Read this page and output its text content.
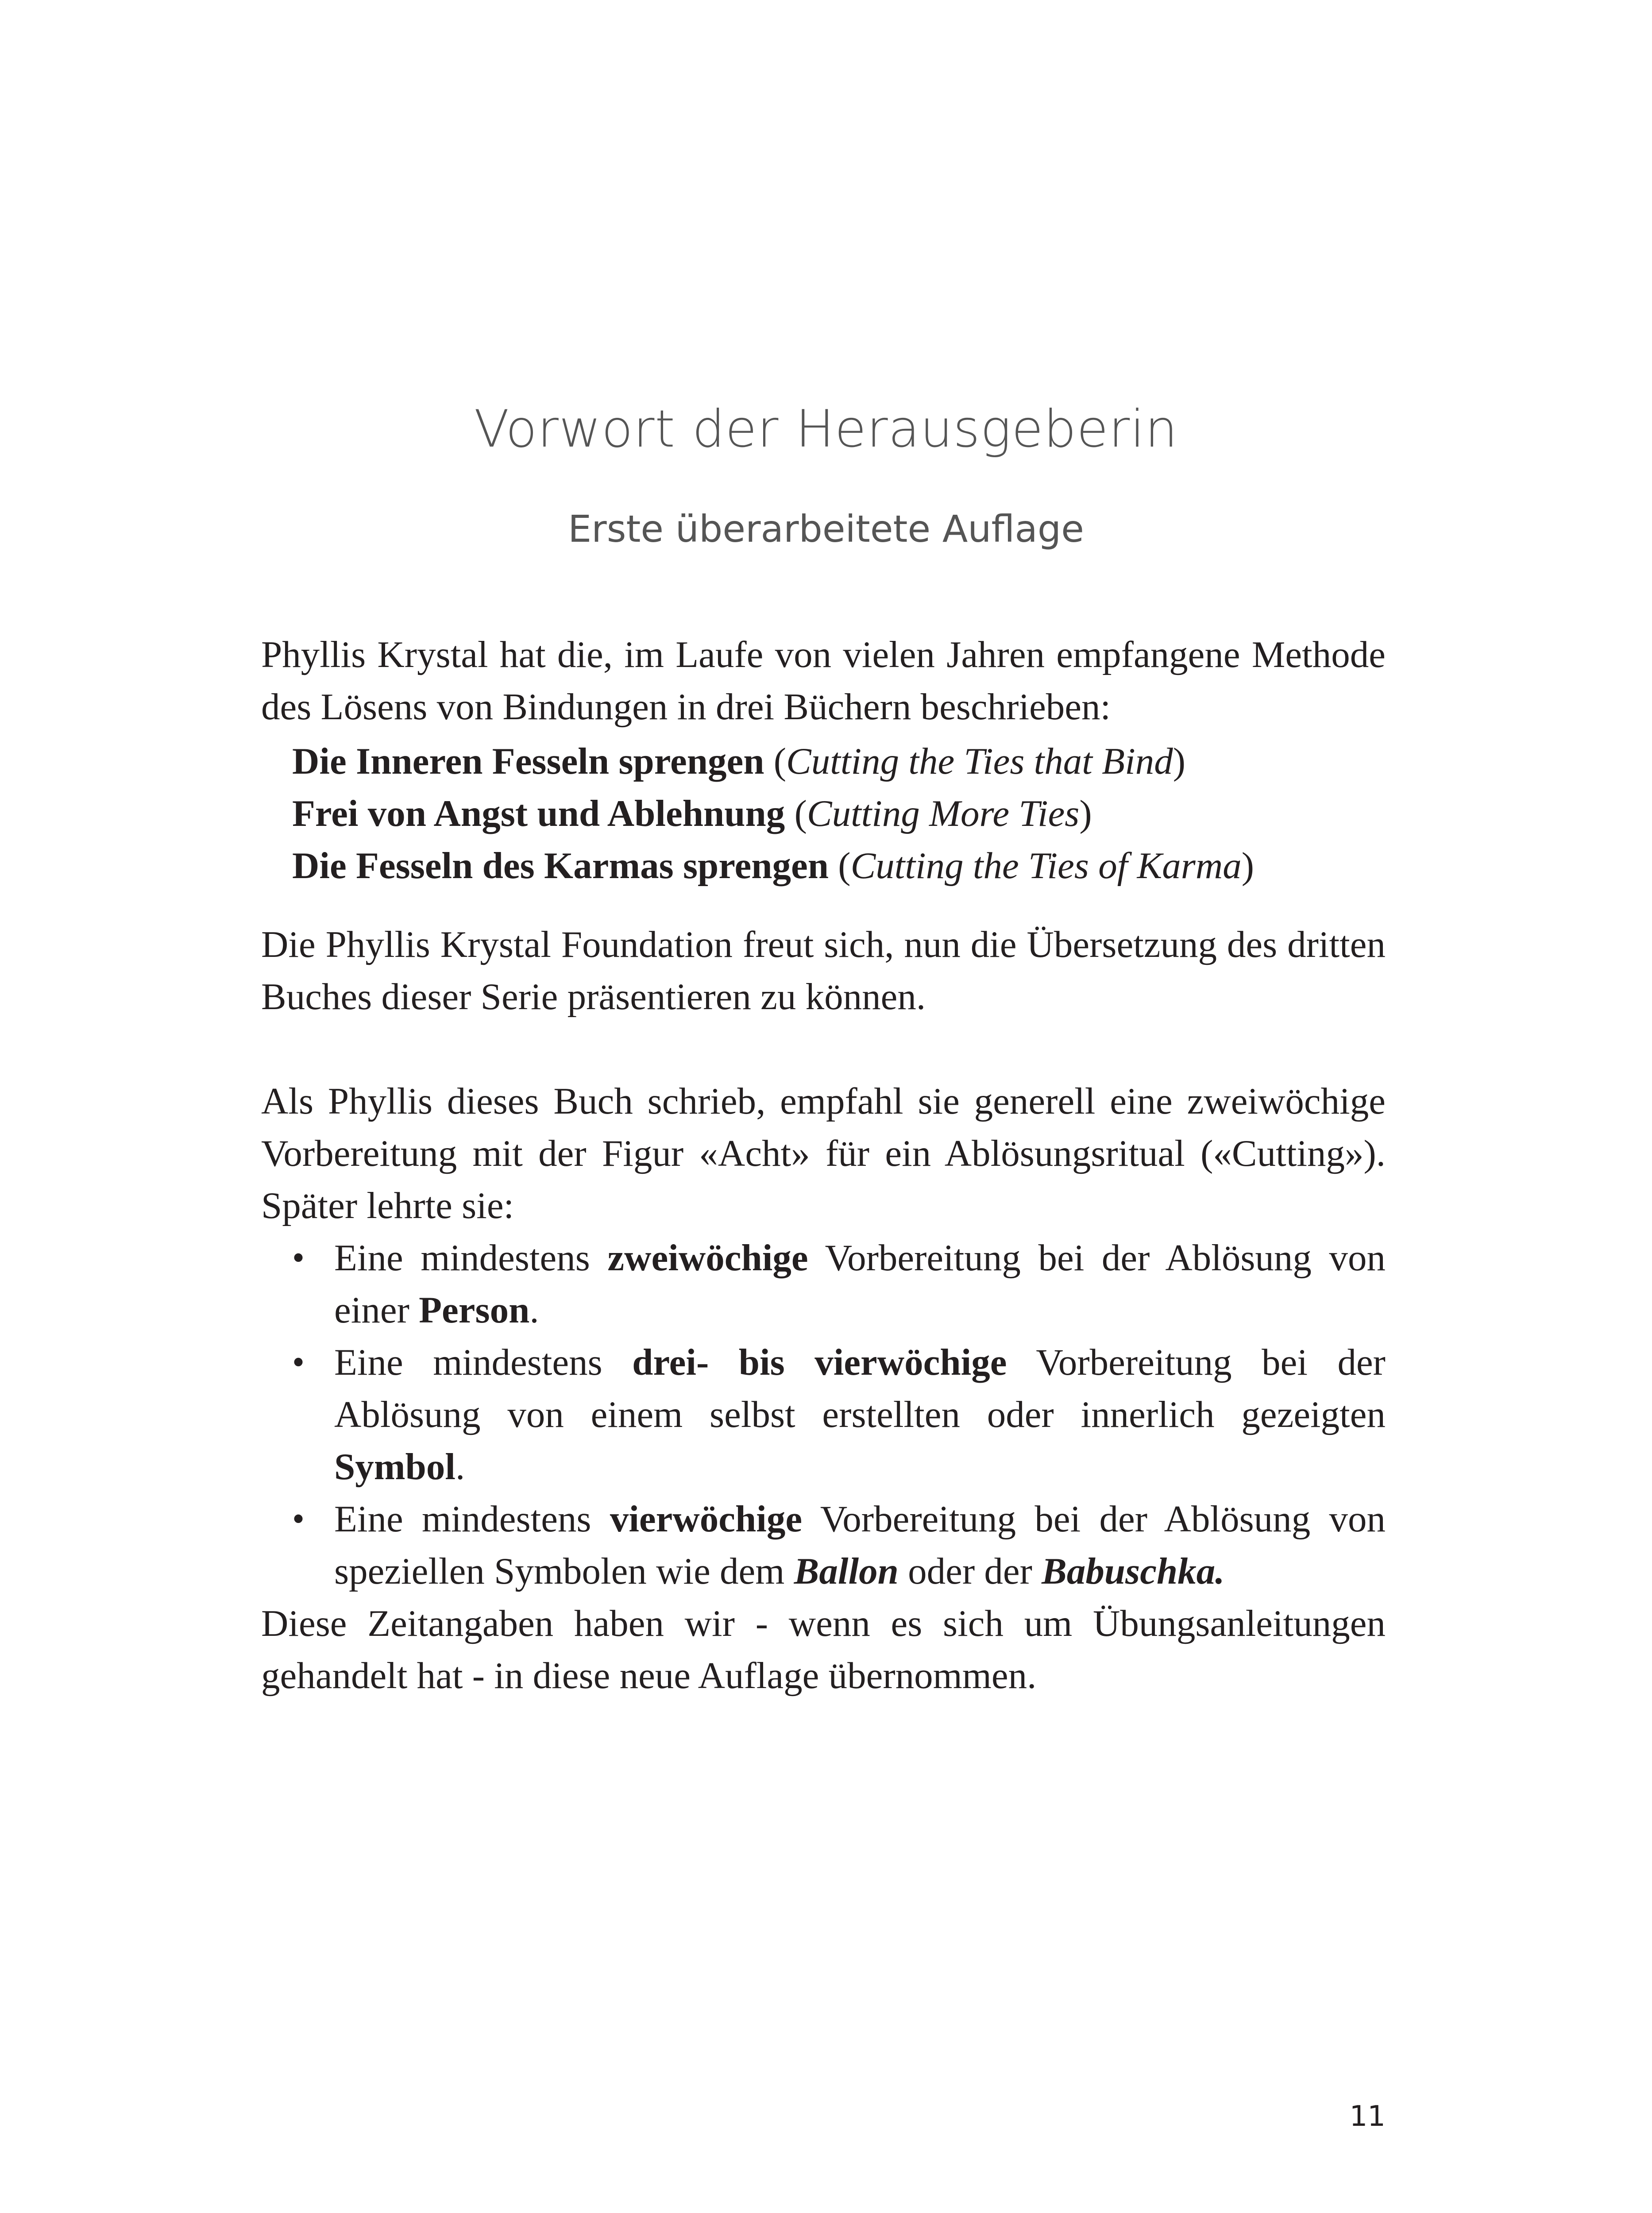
Vorwort der Herausgeberin
Erste überarbeitete Auflage

Phyllis Krystal hat die, im Laufe von vielen Jahren empfangene Methode des Lösens von Bindungen in drei Büchern beschrieben:

Die Inneren Fesseln sprengen (Cutting the Ties that Bind)
Frei von Angst und Ablehnung (Cutting More Ties)
Die Fesseln des Karmas sprengen (Cutting the Ties of Karma)

Die Phyllis Krystal Foundation freut sich, nun die Übersetzung des dritten Buches dieser Serie präsentieren zu können.

Als Phyllis dieses Buch schrieb, empfahl sie generell eine zweiwöchige Vorbereitung mit der Figur «Acht» für ein Ablösungsritual («Cutting»). Später lehrte sie:

• Eine mindestens zweiwöchige Vorbereitung bei der Ablösung von einer Person.
• Eine mindestens drei- bis vierwöchige Vorbereitung bei der Ablösung von einem selbst erstellten oder innerlich gezeigten Symbol.
• Eine mindestens vierwöchige Vorbereitung bei der Ablösung von speziellen Symbolen wie dem Ballon oder der Babuschka.

Diese Zeitangaben haben wir - wenn es sich um Übungsanleitungen gehandelt hat - in diese neue Auflage übernommen.

11
